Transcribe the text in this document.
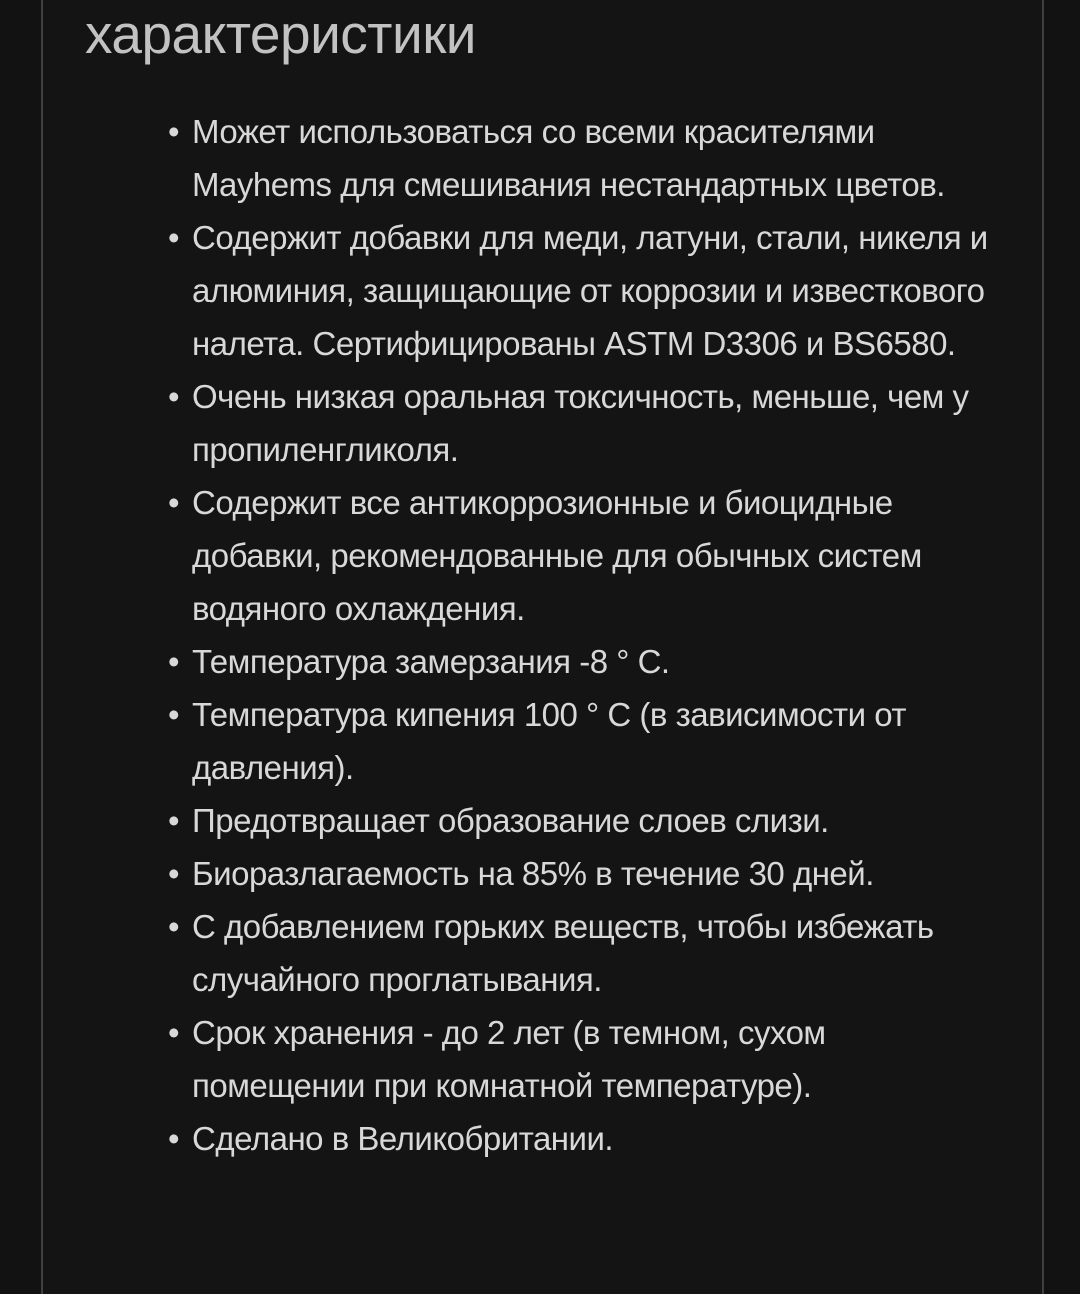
характеристики
• Может использоваться со всеми красителями Mayhems для смешивания нестандартных цветов.
• Содержит добавки для меди, латуни, стали, никеля и алюминия, защищающие от коррозии и известкового налета. Сертифицированы ASTM D3306 и BS6580.
• Очень низкая оральная токсичность, меньше, чем у пропиленгликоля.
• Содержит все антикоррозионные и биоцидные добавки, рекомендованные для обычных систем водяного охлаждения.
• Температура замерзания -8 ° C.
• Температура кипения 100 ° C (в зависимости от давления).
• Предотвращает образование слоев слизи.
• Биоразлагаемость на 85% в течение 30 дней.
• С добавлением горьких веществ, чтобы избежать случайного проглатывания.
• Срок хранения - до 2 лет (в темном, сухом помещении при комнатной температуре).
• Сделано в Великобритании.
